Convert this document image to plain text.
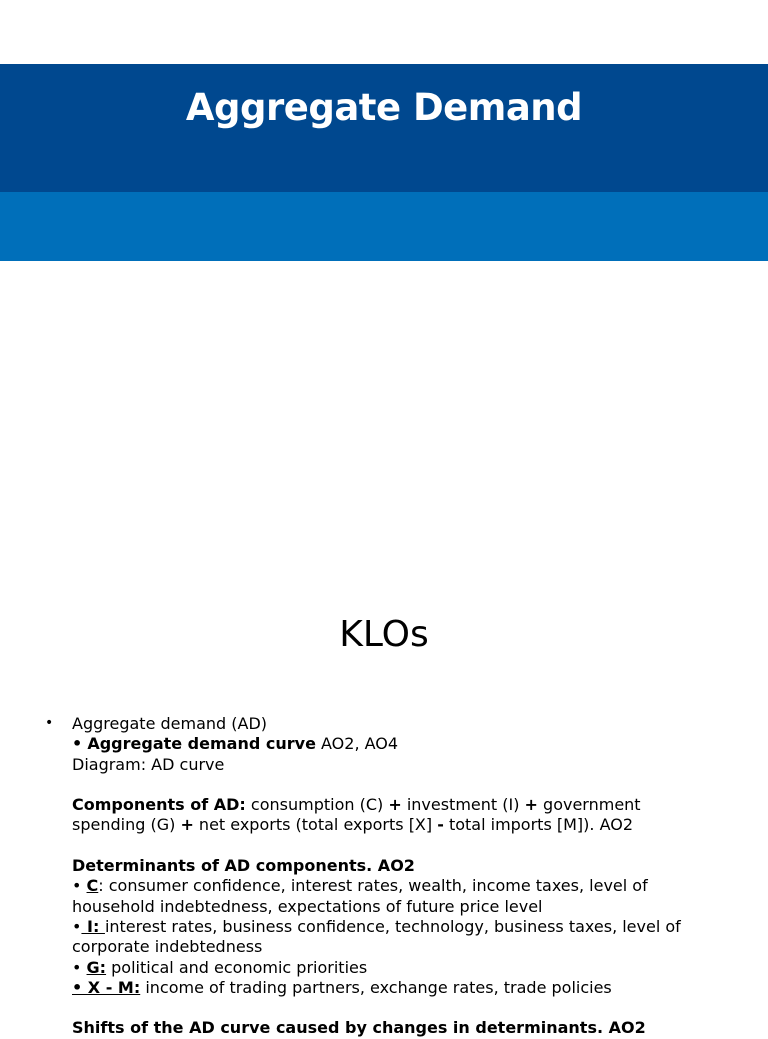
Aggregate Demand
KLOs
• Aggregate demand (AD)
• Aggregate demand curve AO2, AO4
Diagram: AD curve
Components of AD: consumption (C) + investment (I) + government
spending (G) + net exports (total exports [X] - total imports [M]). AO2
Determinants of AD components. AO2
• C: consumer confidence, interest rates, wealth, income taxes, level of
household indebtedness, expectations of future price level
• I: interest rates, business confidence, technology, business taxes, level of
corporate indebtedness
• G: political and economic priorities
• X - M: income of trading partners, exchange rates, trade policies
Shifts of the AD curve caused by changes in determinants. AO2
